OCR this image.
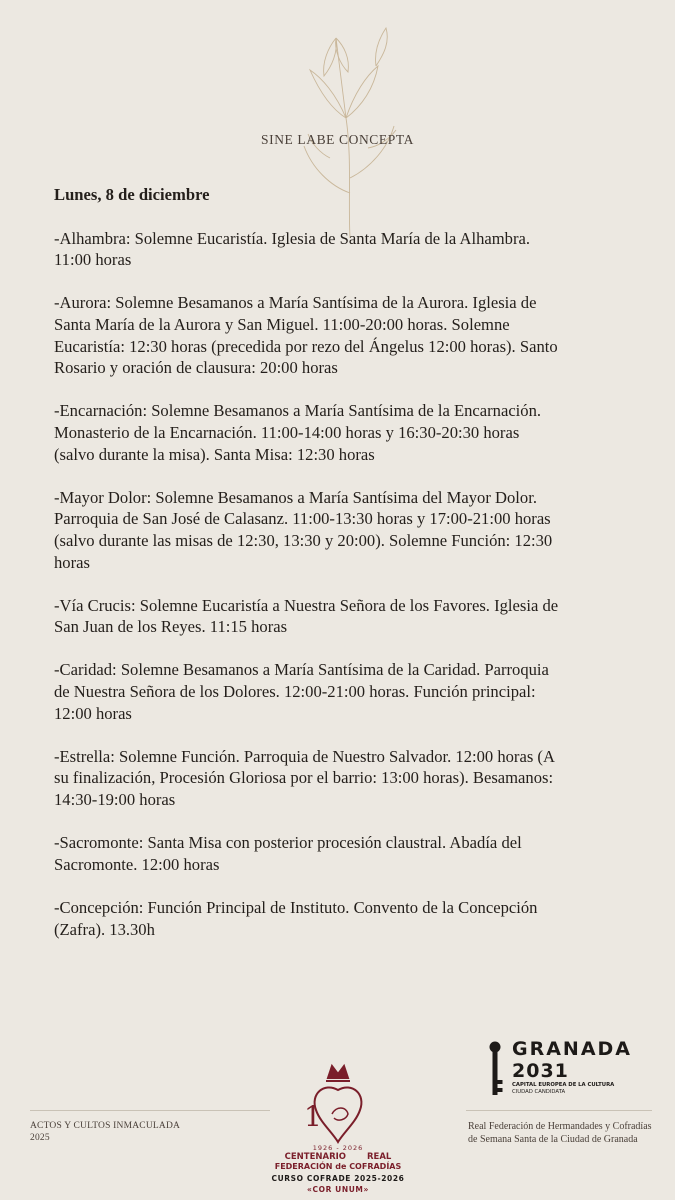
SINE LABE CONCEPTA
Lunes, 8 de diciembre

-Alhambra: Solemne Eucaristía. Iglesia de Santa María de la Alhambra. 11:00 horas

-Aurora: Solemne Besamanos a María Santísima de la Aurora. Iglesia de Santa María de la Aurora y San Miguel. 11:00-20:00 horas. Solemne Eucaristía: 12:30 horas (precedida por rezo del Ángelus 12:00 horas). Santo Rosario y oración de clausura: 20:00 horas

-Encarnación: Solemne Besamanos a María Santísima de la Encarnación. Monasterio de la Encarnación. 11:00-14:00 horas y 16:30-20:30 horas (salvo durante la misa). Santa Misa: 12:30 horas

-Mayor Dolor: Solemne Besamanos a María Santísima del Mayor Dolor. Parroquia de San José de Calasanz. 11:00-13:30 horas y 17:00-21:00 horas (salvo durante las misas de 12:30, 13:30 y 20:00). Solemne Función: 12:30 horas

-Vía Crucis: Solemne Eucaristía a Nuestra Señora de los Favores. Iglesia de San Juan de los Reyes. 11:15 horas

-Caridad: Solemne Besamanos a María Santísima de la Caridad. Parroquia de Nuestra Señora de los Dolores. 12:00-21:00 horas. Función principal: 12:00 horas

-Estrella: Solemne Función. Parroquia de Nuestro Salvador. 12:00 horas (A su finalización, Procesión Gloriosa por el barrio: 13:00 horas). Besamanos: 14:30-19:00 horas

-Sacromonte: Santa Misa con posterior procesión claustral. Abadía del Sacromonte. 12:00 horas

-Concepción: Función Principal de Instituto. Convento de la Concepción (Zafra). 13.30h

ACTOS Y CULTOS INMACULADA
2025
Real Federación de Hermandades y Cofradías de Semana Santa de la Ciudad de Granada
GRANADA
2031
CAPITAL EUROPEA DE LA CULTURA
CIUDAD CANDIDATA
1
1926 - 2026
CENTENARIO REAL
FEDERACIÓN de COFRADÍAS
CURSO COFRADE 2025-2026
«COR UNUM»
